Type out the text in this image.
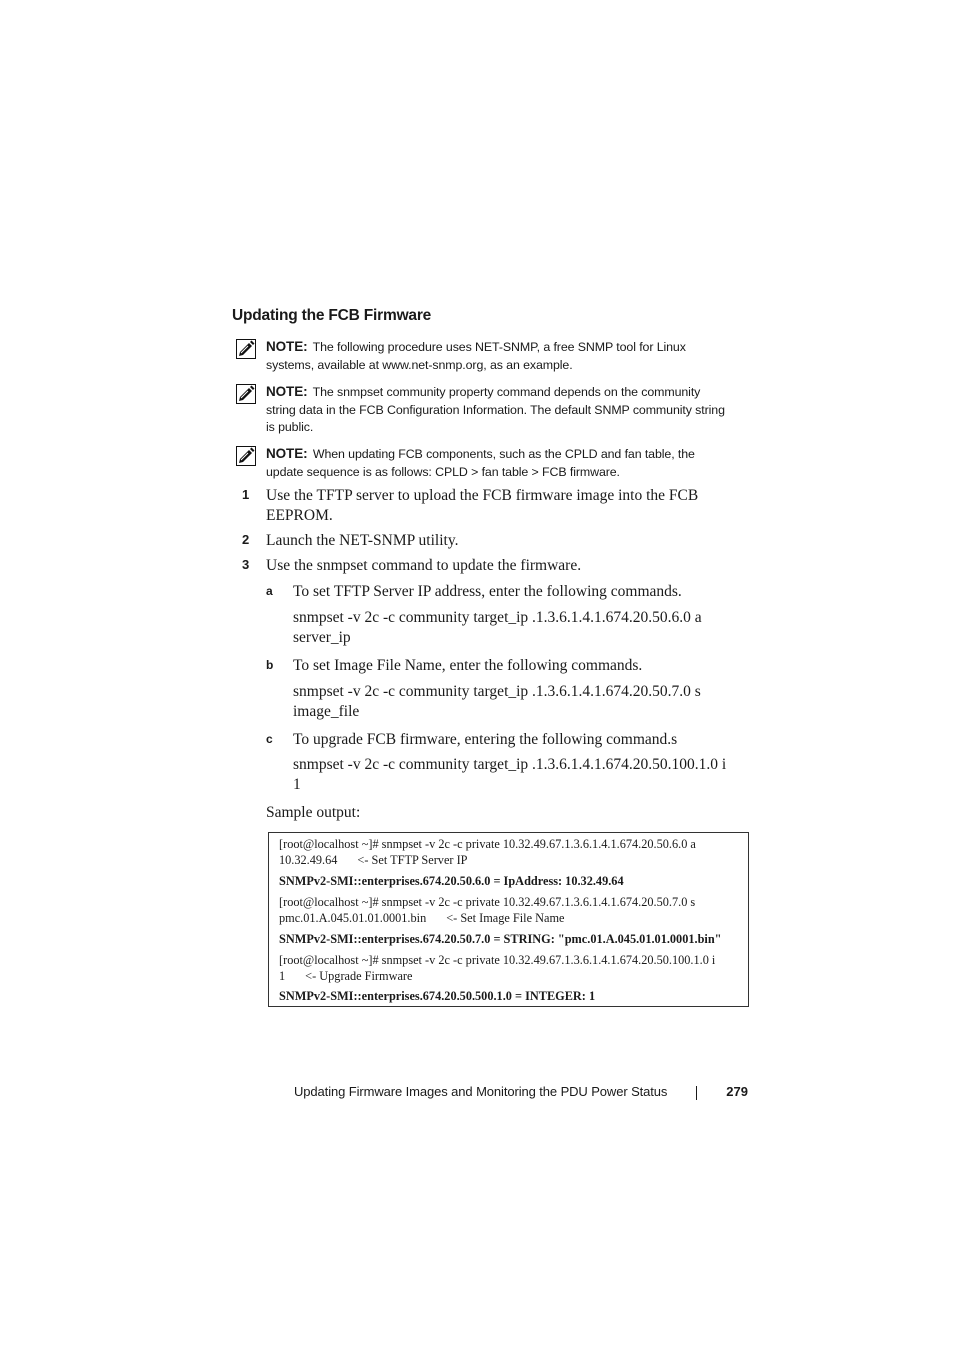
Updating the FCB Firmware
NOTE: The following procedure uses NET-SNMP, a free SNMP tool for Linux systems, available at www.net-snmp.org, as an example.
NOTE: The snmpset community property command depends on the community string data in the FCB Configuration Information. The default SNMP community string is public.
NOTE: When updating FCB components, such as the CPLD and fan table, the update sequence is as follows: CPLD > fan table > FCB firmware.
1 Use the TFTP server to upload the FCB firmware image into the FCB EEPROM.
2 Launch the NET-SNMP utility.
3 Use the snmpset command to update the firmware.
a To set TFTP Server IP address, enter the following commands.
snmpset -v 2c -c community target_ip .1.3.6.1.4.1.674.20.50.6.0 a server_ip
b To set Image File Name, enter the following commands.
snmpset -v 2c -c community target_ip .1.3.6.1.4.1.674.20.50.7.0 s image_file
c To upgrade FCB firmware, entering the following command.s
snmpset -v 2c -c community target_ip .1.3.6.1.4.1.674.20.50.100.1.0 i 1
Sample output:
[root@localhost ~]# snmpset -v 2c -c private 10.32.49.67.1.3.6.1.4.1.674.20.50.6.0 a
10.32.49.64 <- Set TFTP Server IP
SNMPv2-SMI::enterprises.674.20.50.6.0 = IpAddress: 10.32.49.64
[root@localhost ~]# snmpset -v 2c -c private 10.32.49.67.1.3.6.1.4.1.674.20.50.7.0 s
pmc.01.A.045.01.01.0001.bin <- Set Image File Name
SNMPv2-SMI::enterprises.674.20.50.7.0 = STRING: "pmc.01.A.045.01.01.0001.bin"
[root@localhost ~]# snmpset -v 2c -c private 10.32.49.67.1.3.6.1.4.1.674.20.50.100.1.0 i
1 <- Upgrade Firmware
SNMPv2-SMI::enterprises.674.20.50.500.1.0 = INTEGER: 1
Updating Firmware Images and Monitoring the PDU Power Status	279
